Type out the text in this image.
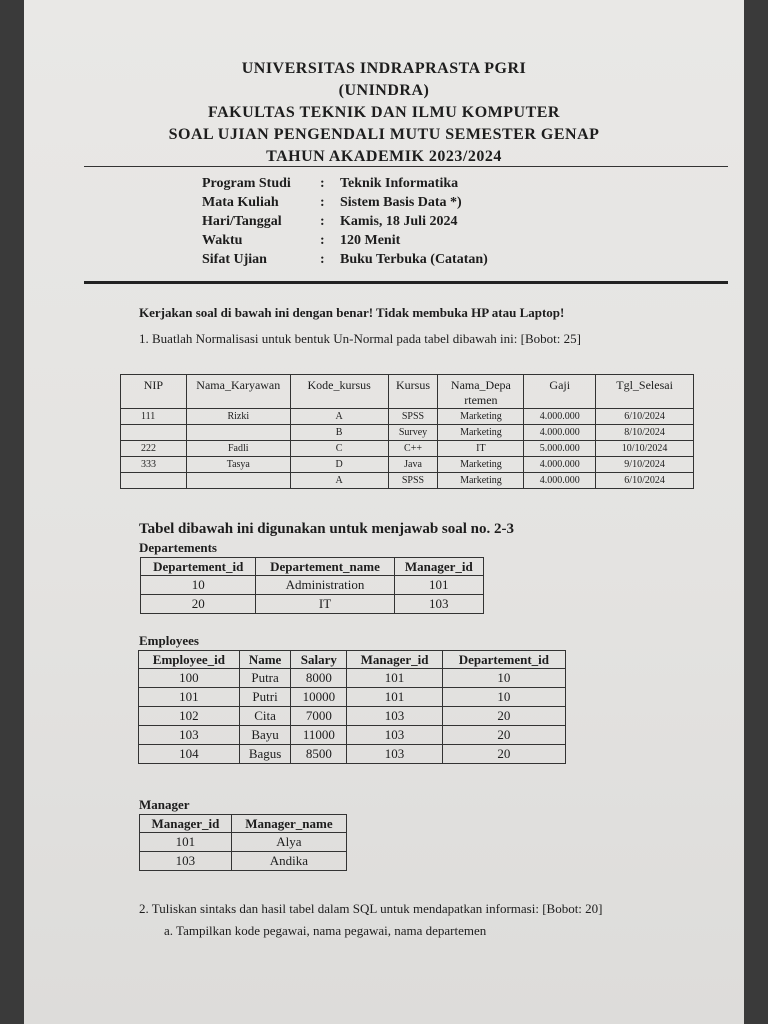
UNIVERSITAS INDRAPRASTA PGRI
(UNINDRA)
FAKULTAS TEKNIK DAN ILMU KOMPUTER
SOAL UJIAN PENGENDALI MUTU SEMESTER GENAP
TAHUN AKADEMIK 2023/2024
Program Studi	:	Teknik Informatika
Mata Kuliah	:	Sistem Basis Data *)
Hari/Tanggal	:	Kamis, 18 Juli 2024
Waktu	:	120 Menit
Sifat Ujian	:	Buku Terbuka (Catatan)
Kerjakan soal di bawah ini dengan benar! Tidak membuka HP atau Laptop!
1. Buatlah Normalisasi untuk bentuk Un-Normal pada tabel dibawah ini: [Bobot: 25]
NIP	Nama_Karyawan	Kode_kursus	Kursus	Nama_Depa rtemen	Gaji	Tgl_Selesai
111	Rizki	A	SPSS	Marketing	4.000.000	6/10/2024
		B	Survey	Marketing	4.000.000	8/10/2024
222	Fadli	C	C++	IT	5.000.000	10/10/2024
333	Tasya	D	Java	Marketing	4.000.000	9/10/2024
		A	SPSS	Marketing	4.000.000	6/10/2024
Tabel dibawah ini digunakan untuk menjawab soal no. 2-3
Departements
Departement_id	Departement_name	Manager_id
10	Administration	101
20	IT	103
Employees
Employee_id	Name	Salary	Manager_id	Departement_id
100	Putra	8000	101	10
101	Putri	10000	101	10
102	Cita	7000	103	20
103	Bayu	11000	103	20
104	Bagus	8500	103	20
Manager
Manager_id	Manager_name
101	Alya
103	Andika
2. Tuliskan sintaks dan hasil tabel dalam SQL untuk mendapatkan informasi: [Bobot: 20]
a. Tampilkan kode pegawai, nama pegawai, nama departemen
